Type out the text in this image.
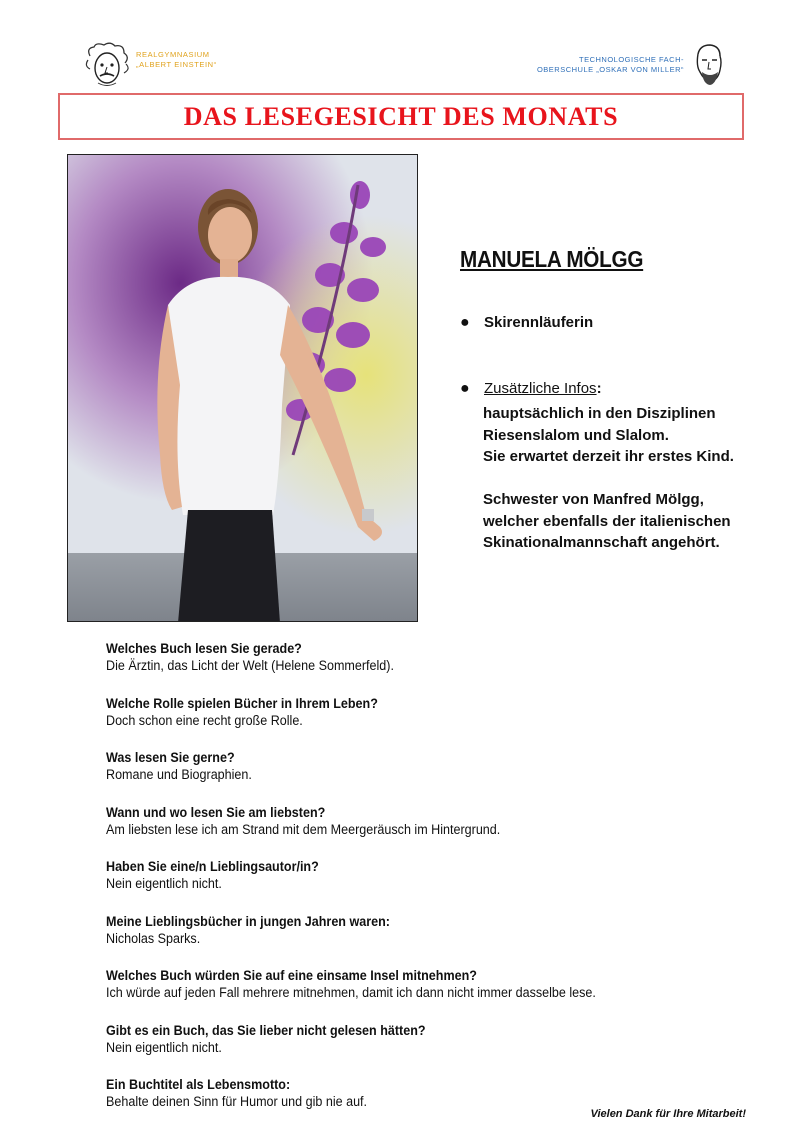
REALGYMNASIUM
„ALBERT EINSTEIN“
TECHNOLOGISCHE FACH-
OBERSCHULE „OSKAR VON MILLER“
DAS LESEGESICHT DES MONATS
MANUELA MÖLGG
● Skirennläuferin
● Zusätzliche Infos:
hauptsächlich in den Disziplinen
Riesenslalom und Slalom.
Sie erwartet derzeit ihr erstes Kind.
Schwester von Manfred Mölgg,
welcher ebenfalls der italienischen
Skinationalmannschaft angehört.
Welches Buch lesen Sie gerade?
Die Ärztin, das Licht der Welt (Helene Sommerfeld).
Welche Rolle spielen Bücher in Ihrem Leben?
Doch schon eine recht große Rolle.
Was lesen Sie gerne?
Romane und Biographien.
Wann und wo lesen Sie am liebsten?
Am liebsten lese ich am Strand mit dem Meergeräusch im Hintergrund.
Haben Sie eine/n Lieblingsautor/in?
Nein eigentlich nicht.
Meine Lieblingsbücher in jungen Jahren waren:
Nicholas Sparks.
Welches Buch würden Sie auf eine einsame Insel mitnehmen?
Ich würde auf jeden Fall mehrere mitnehmen, damit ich dann nicht immer dasselbe lese.
Gibt es ein Buch, das Sie lieber nicht gelesen hätten?
Nein eigentlich nicht.
Ein Buchtitel als Lebensmotto:
Behalte deinen Sinn für Humor und gib nie auf.
Vielen Dank für Ihre Mitarbeit!
